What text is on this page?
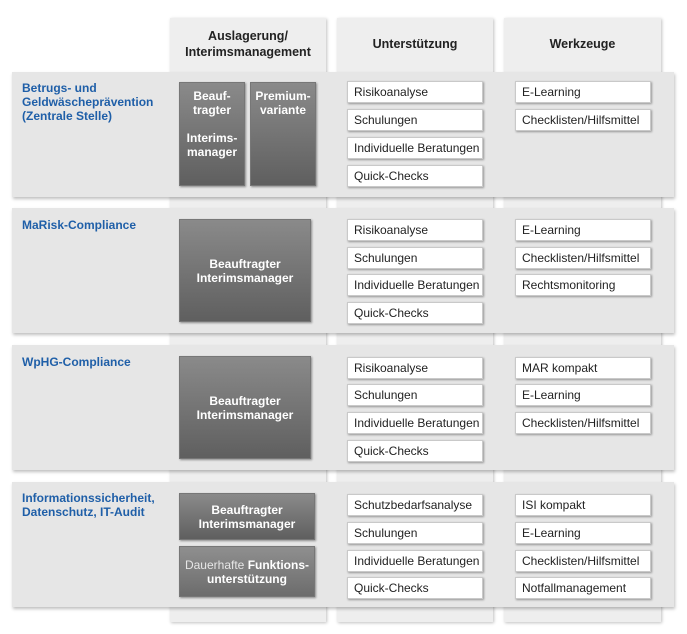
Auslagerung/
Interimsmanagement
Unterstützung	Werkzeuge
Betrugs- und
Geldwäscheprävention
(Zentrale Stelle)
Beauf-
tragter

Interims-
manager
Premium-
variante
Risikoanalyse
Schulungen
Individuelle Beratungen
Quick-Checks
E-Learning
Checklisten/Hilfsmittel
MaRisk-Compliance
Beauftragter
Interimsmanager
Risikoanalyse
Schulungen
Individuelle Beratungen
Quick-Checks
E-Learning
Checklisten/Hilfsmittel
Rechtsmonitoring
WpHG-Compliance
Beauftragter
Interimsmanager
Risikoanalyse
Schulungen
Individuelle Beratungen
Quick-Checks
MAR kompakt
E-Learning
Checklisten/Hilfsmittel
Informationssicherheit,
Datenschutz, IT-Audit	Beauftragter
Interimsmanager
Dauerhafte Funktions-
unterstützung
Schutzbedarfsanalyse
Schulungen
Individuelle Beratungen
Quick-Checks
ISI kompakt
E-Learning
Checklisten/Hilfsmittel
Notfallmanagement
